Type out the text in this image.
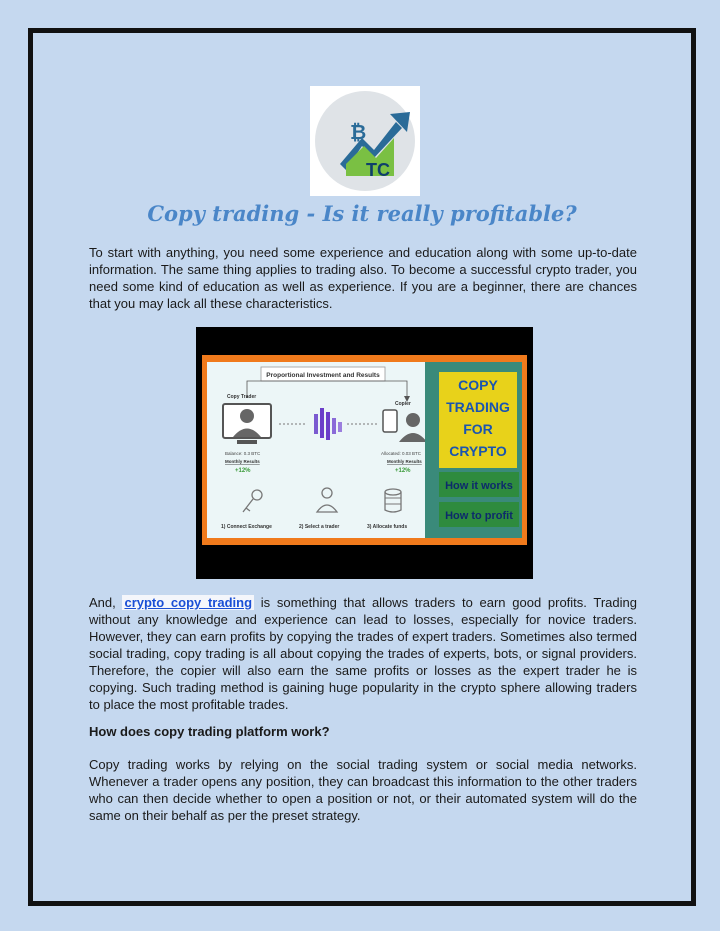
₿
TC
Copy trading - Is it really profitable?

To start with anything, you need some experience and education along with some up-to-date information. The same thing applies to trading also. To become a successful crypto trader, you need some kind of education as well as experience. If you are a beginner, there are chances that you may lack all these characteristics.

Proportional Investment and Results
Copy Trader
Copier
Balance: 0.3 BTC
Monthly Results
+12%
Allocated: 0.03 BTC
Monthly Results
+12%
1) Connect Exchange	2) Select a trader	3) Allocate funds
COPY
TRADING
FOR
CRYPTO
How it works
How to profit

And, crypto copy trading is something that allows traders to earn good profits. Trading without any knowledge and experience can lead to losses, especially for novice traders. However, they can earn profits by copying the trades of expert traders. Sometimes also termed social trading, copy trading is all about copying the trades of experts, bots, or signal providers. Therefore, the copier will also earn the same profits or losses as the expert trader he is copying. Such trading method is gaining huge popularity in the crypto sphere allowing traders to place the most profitable trades.

How does copy trading platform work?

Copy trading works by relying on the social trading system or social media networks. Whenever a trader opens any position, they can broadcast this information to the other traders who can then decide whether to open a position or not, or their automated system will do the same on their behalf as per the preset strategy.
